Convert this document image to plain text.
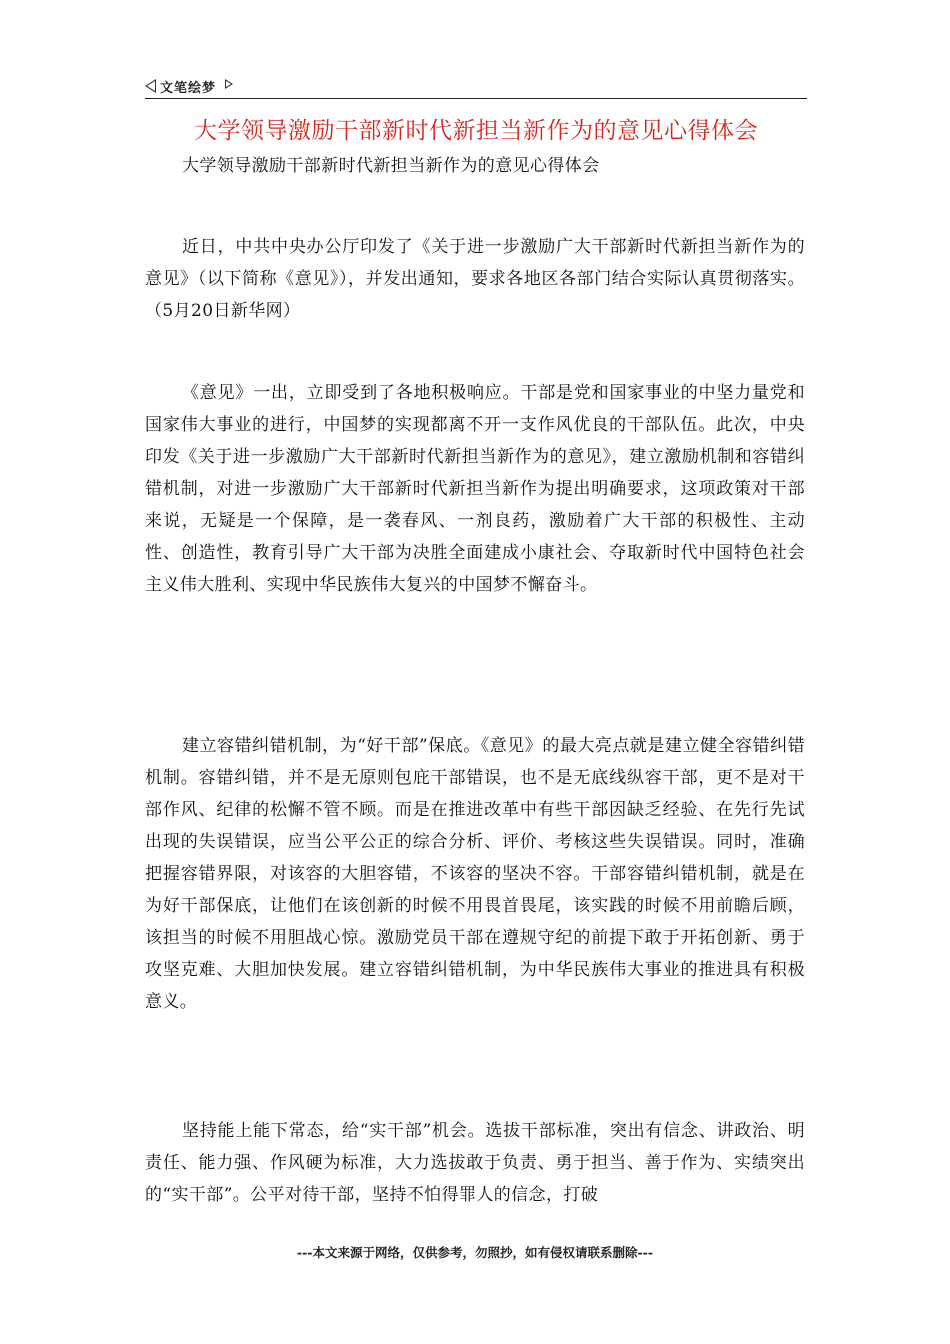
文笔绘梦
大学领导激励干部新时代新担当新作为的意见心得体会
大学领导激励干部新时代新担当新作为的意见心得体会

近日，中共中央办公厅印发了《关于进一步激励广大干部新时代新担当新作为的意见》（以下简称《意见》），并发出通知，要求各地区各部门结合实际认真贯彻落实。（5月20日新华网）

《意见》一出，立即受到了各地积极响应。干部是党和国家事业的中坚力量党和国家伟大事业的进行，中国梦的实现都离不开一支作风优良的干部队伍。此次，中央印发《关于进一步激励广大干部新时代新担当新作为的意见》，建立激励机制和容错纠错机制，对进一步激励广大干部新时代新担当新作为提出明确要求，这项政策对干部来说，无疑是一个保障，是一袭春风、一剂良药，激励着广大干部的积极性、主动性、创造性，教育引导广大干部为决胜全面建成小康社会、夺取新时代中国特色社会主义伟大胜利、实现中华民族伟大复兴的中国梦不懈奋斗。

建立容错纠错机制，为“好干部”保底。《意见》的最大亮点就是建立健全容错纠错机制。容错纠错，并不是无原则包庇干部错误，也不是无底线纵容干部，更不是对干部作风、纪律的松懈不管不顾。而是在推进改革中有些干部因缺乏经验、在先行先试出现的失误错误，应当公平公正的综合分析、评价、考核这些失误错误。同时，准确把握容错界限，对该容的大胆容错，不该容的坚决不容。干部容错纠错机制，就是在为好干部保底，让他们在该创新的时候不用畏首畏尾，该实践的时候不用前瞻后顾，该担当的时候不用胆战心惊。激励党员干部在遵规守纪的前提下敢于开拓创新、勇于攻坚克难、大胆加快发展。建立容错纠错机制，为中华民族伟大事业的推进具有积极意义。

坚持能上能下常态，给“实干部”机会。选拔干部标准，突出有信念、讲政治、明责任、能力强、作风硬为标准，大力选拔敢于负责、勇于担当、善于作为、实绩突出的“实干部”。公平对待干部，坚持不怕得罪人的信念，打破

---本文来源于网络，仅供参考，勿照抄，如有侵权请联系删除---
